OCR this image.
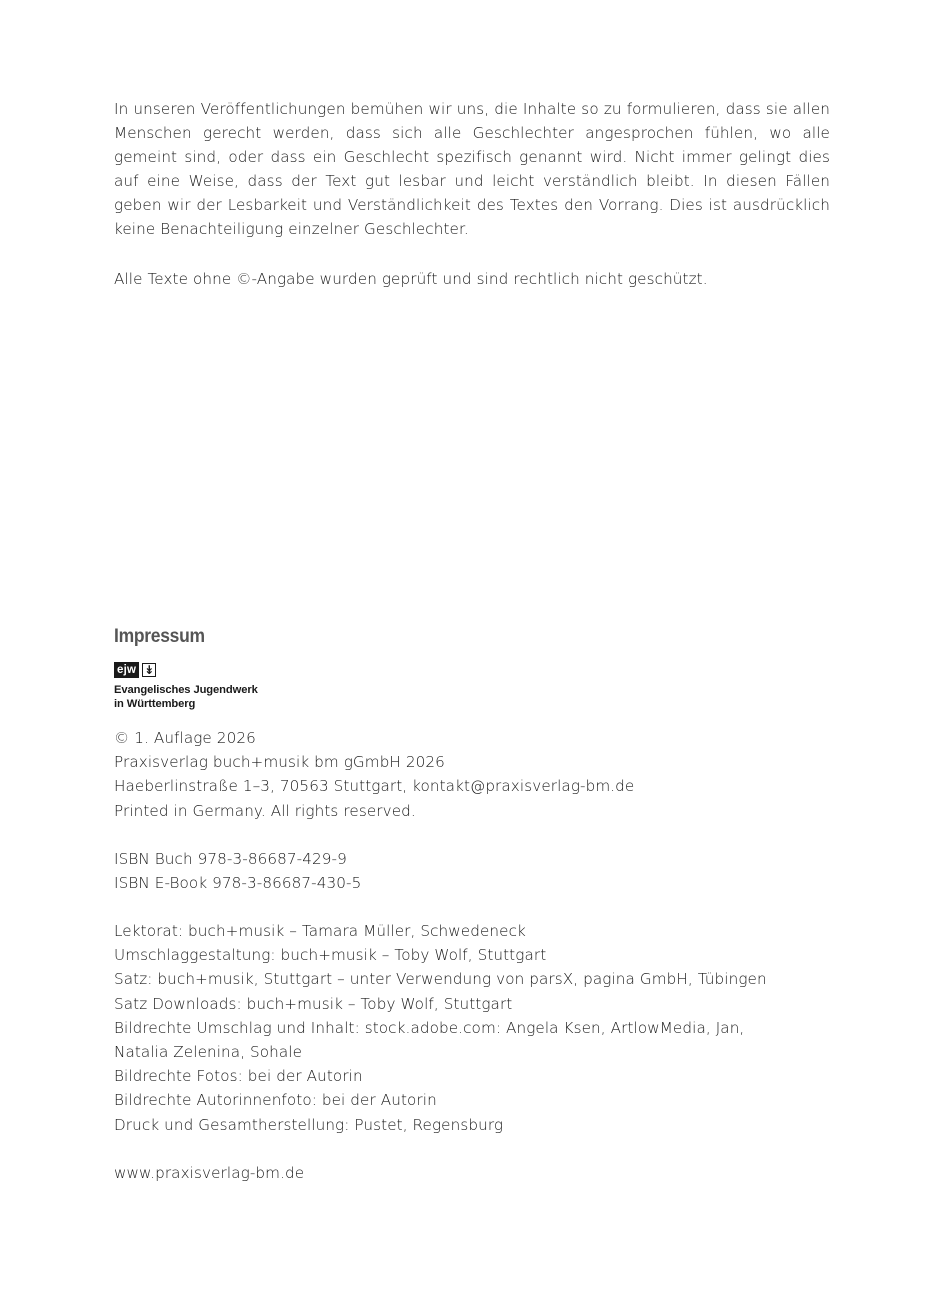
In unseren Veröffentlichungen bemühen wir uns, die Inhalte so zu formulieren, dass sie allen Menschen gerecht werden, dass sich alle Geschlechter angesprochen fühlen, wo alle gemeint sind, oder dass ein Geschlecht spezifisch genannt wird. Nicht immer gelingt dies auf eine Weise, dass der Text gut lesbar und leicht verständlich bleibt. In diesen Fällen geben wir der Lesbarkeit und Verständlichkeit des Textes den Vorrang. Dies ist ausdrücklich keine Benachteiligung einzelner Geschlechter.

Alle Texte ohne ©-Angabe wurden geprüft und sind rechtlich nicht geschützt.

Impressum
ejw ↡

Evangelisches Jugendwerk

in Württemberg

© 1. Auflage 2026

Praxisverlag buch+musik bm gGmbH 2026

Haeberlinstraße 1–3, 70563 Stuttgart, kontakt@praxisverlag-bm.de

Printed in Germany. All rights reserved.

ISBN Buch 978-3-86687-429-9

ISBN E-Book 978-3-86687-430-5

Lektorat: buch+musik – Tamara Müller, Schwedeneck

Umschlaggestaltung: buch+musik – Toby Wolf, Stuttgart

Satz: buch+musik, Stuttgart – unter Verwendung von parsX, pagina GmbH, Tübingen

Satz Downloads: buch+musik – Toby Wolf, Stuttgart

Bildrechte Umschlag und Inhalt: stock.adobe.com: Angela Ksen, ArtlowMedia, Jan,

Natalia Zelenina, Sohale

Bildrechte Fotos: bei der Autorin

Bildrechte Autorinnenfoto: bei der Autorin

Druck und Gesamtherstellung: Pustet, Regensburg

www.praxisverlag-bm.de
